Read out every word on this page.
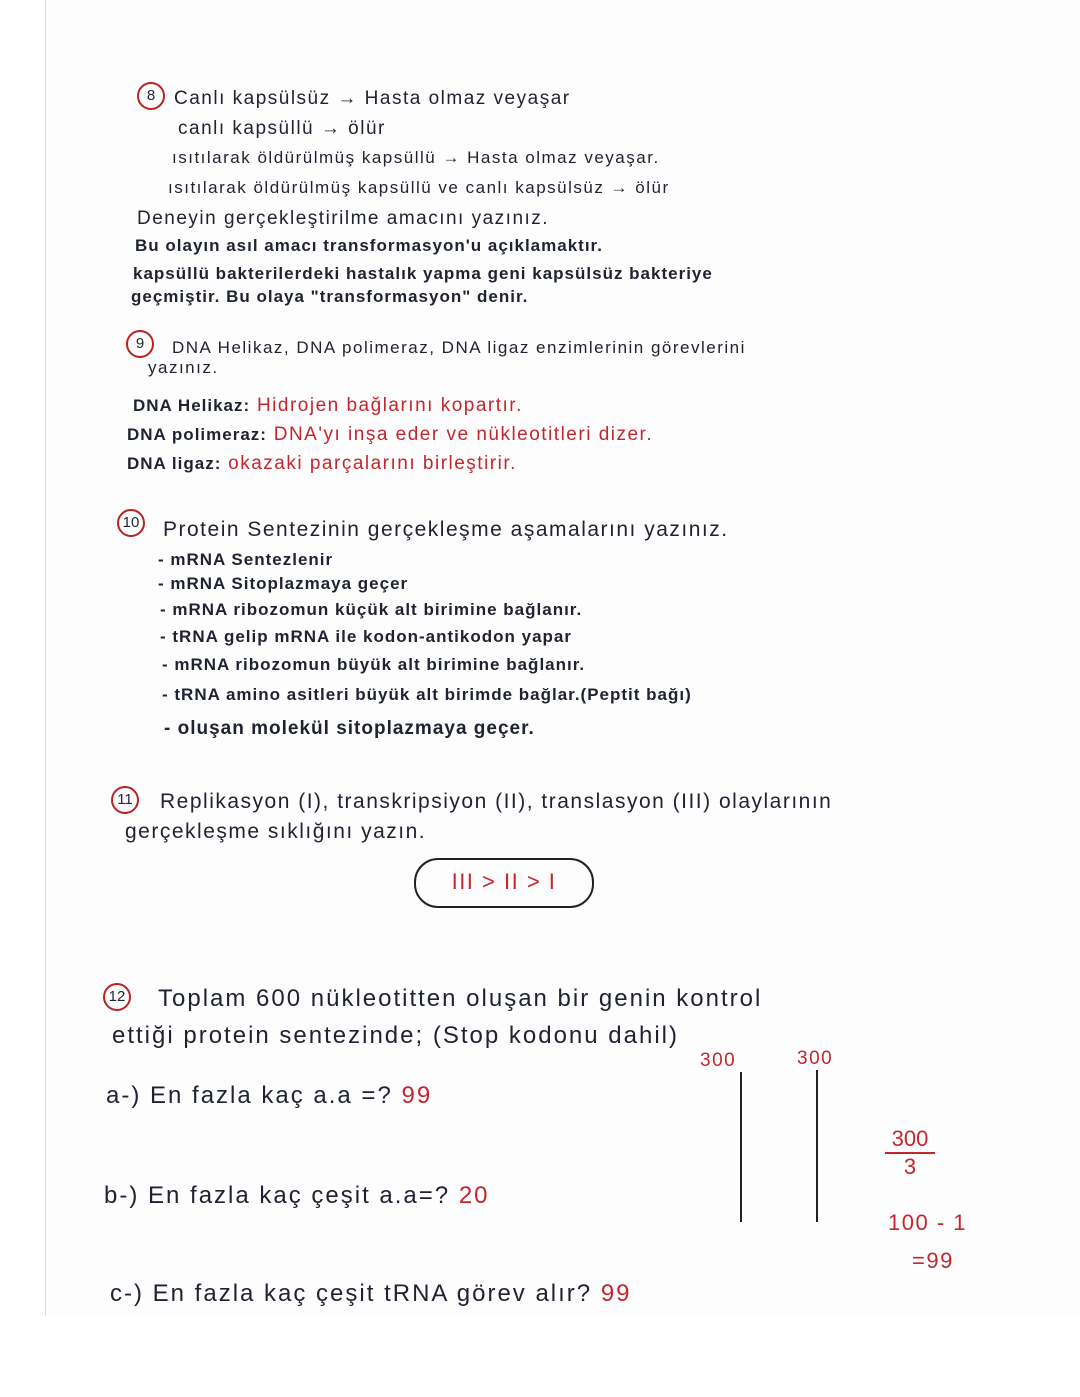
8 Canlı kapsülsüz → Hasta olmaz veyaşar
canlı kapsüllü → ölür
ısıtılarak öldürülmüş kapsüllü → Hasta olmaz veyaşar.
ısıtılarak öldürülmüş kapsüllü ve canlı kapsülsüz → ölür
Deneyin gerçekleştirilme amacını yazınız.
Bu olayın asıl amacı transformasyon'u açıklamaktır.
kapsüllü bakterilerdeki hastalık yapma geni kapsülsüz bakteriye
geçmiştir. Bu olaya "transformasyon" denir.
9	DNA Helikaz, DNA polimeraz, DNA ligaz enzimlerinin görevlerini
yazınız.
DNA Helikaz: Hidrojen bağlarını kopartır.
DNA polimeraz: DNA'yı inşa eder ve nükleotitleri dizer.
DNA ligaz: okazaki parçalarını birleştirir.
10 Protein Sentezinin gerçekleşme aşamalarını yazınız.
- mRNA Sentezlenir
- mRNA Sitoplazmaya geçer
- mRNA ribozomun küçük alt birimine bağlanır.
- tRNA gelip mRNA ile kodon-antikodon yapar
- mRNA ribozomun büyük alt birimine bağlanır.
- tRNA amino asitleri büyük alt birimde bağlar.(Peptit bağı)
- oluşan molekül sitoplazmaya geçer.
11 Replikasyon (I), transkripsiyon (II), translasyon (III) olaylarının
gerçekleşme sıklığını yazın.
III > II > I
12 Toplam 600 nükleotitten oluşan bir genin kontrol
ettiği protein sentezinde; (Stop kodonu dahil)
300	300
a-) En fazla kaç a.a =? 99
b-) En fazla kaç çeşit a.a=? 20
c-) En fazla kaç çeşit tRNA görev alır? 99
$\frac{300}{3}$
100 - 1
=99
